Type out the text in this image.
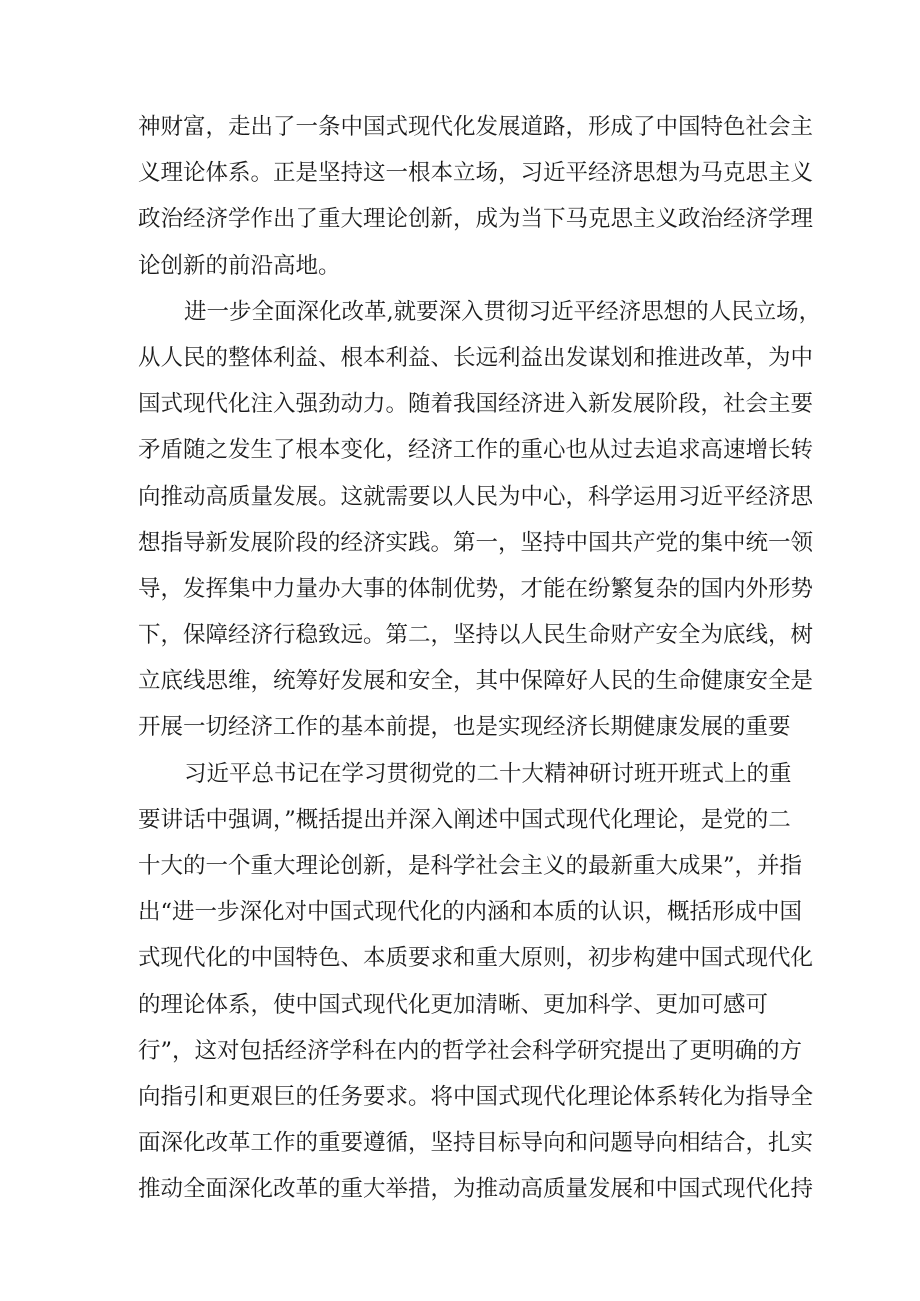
神财富，走出了一条中国式现代化发展道路，形成了中国特色社会主
义理论体系。正是坚持这一根本立场，习近平经济思想为马克思主义
政治经济学作出了重大理论创新，成为当下马克思主义政治经济学理
论创新的前沿高地。
进一步全面深化改革,就要深入贯彻习近平经济思想的人民立场，
从人民的整体利益、根本利益、长远利益出发谋划和推进改革，为中
国式现代化注入强劲动力。随着我国经济进入新发展阶段，社会主要
矛盾随之发生了根本变化，经济工作的重心也从过去追求高速增长转
向推动高质量发展。这就需要以人民为中心，科学运用习近平经济思
想指导新发展阶段的经济实践。第一，坚持中国共产党的集中统一领
导，发挥集中力量办大事的体制优势，才能在纷繁复杂的国内外形势
下，保障经济行稳致远。第二，坚持以人民生命财产安全为底线，树
立底线思维，统筹好发展和安全，其中保障好人民的生命健康安全是
开展一切经济工作的基本前提，也是实现经济长期健康发展的重要
习近平总书记在学习贯彻党的二十大精神研讨班开班式上的重
要讲话中强调，”概括提出并深入阐述中国式现代化理论，是党的二
十大的一个重大理论创新，是科学社会主义的最新重大成果”，并指
出“进一步深化对中国式现代化的内涵和本质的认识，概括形成中国
式现代化的中国特色、本质要求和重大原则，初步构建中国式现代化
的理论体系，使中国式现代化更加清晰、更加科学、更加可感可
行”，这对包括经济学科在内的哲学社会科学研究提出了更明确的方
向指引和更艰巨的任务要求。将中国式现代化理论体系转化为指导全
面深化改革工作的重要遵循，坚持目标导向和问题导向相结合，扎实
推动全面深化改革的重大举措，为推动高质量发展和中国式现代化持
